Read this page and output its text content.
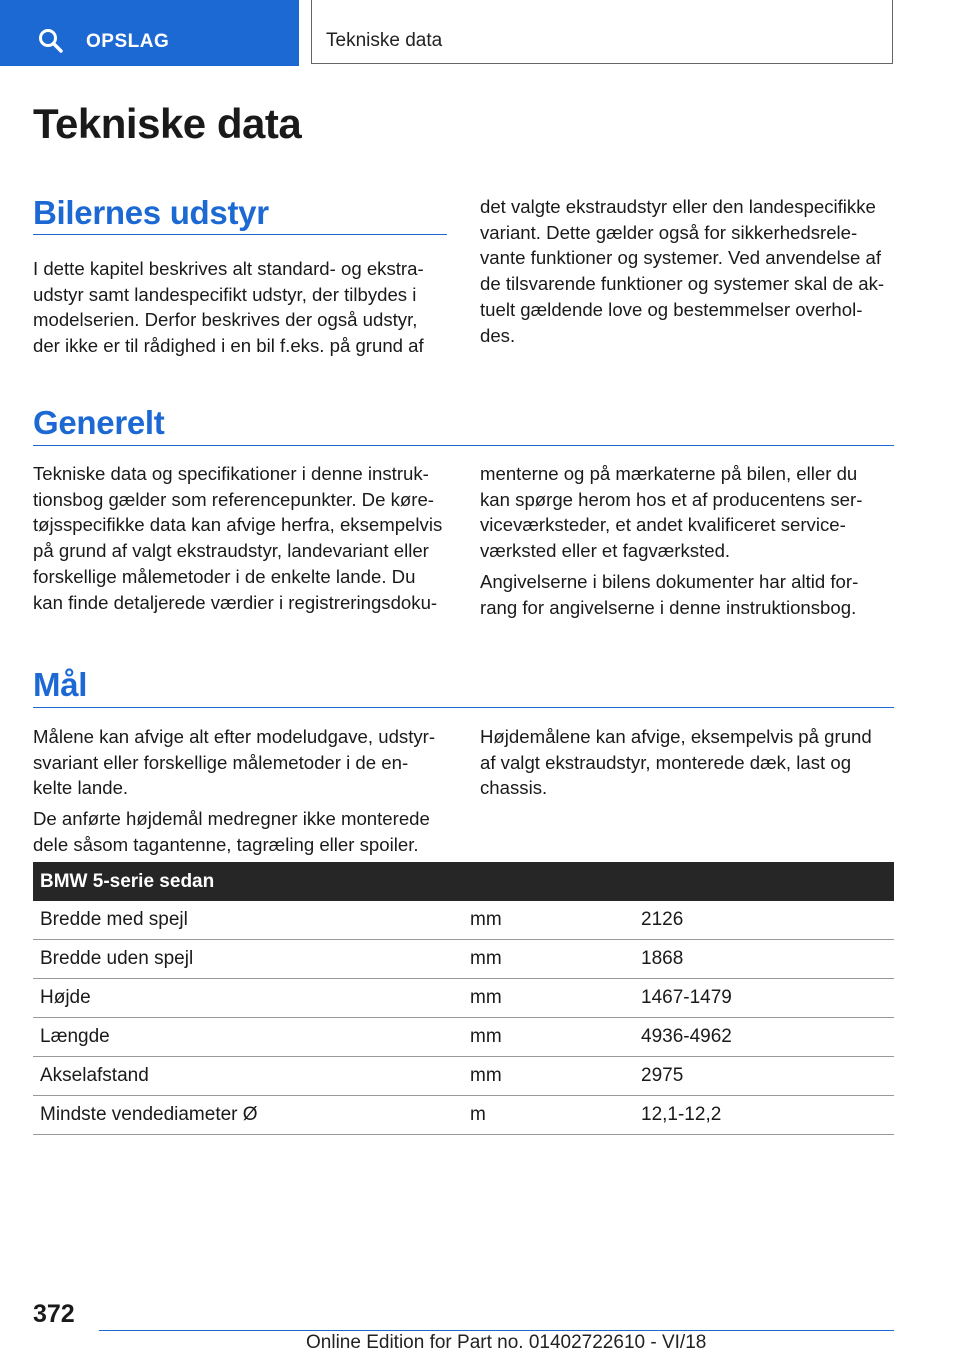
OPSLAG	Tekniske data
Tekniske data
Bilernes udstyr

I dette kapitel beskrives alt standard- og ekstra-
udstyr samt landespecifikt udstyr, der tilbydes i
modelserien. Derfor beskrives der også udstyr,
der ikke er til rådighed i en bil f.eks. på grund af

det valgte ekstraudstyr eller den landespecifikke
variant. Dette gælder også for sikkerhedsrele-
vante funktioner og systemer. Ved anvendelse af
de tilsvarende funktioner og systemer skal de ak-
tuelt gældende love og bestemmelser overhol-
des.

Generelt

Tekniske data og specifikationer i denne instruk-
tionsbog gælder som referencepunkter. De køre-
tøjsspecifikke data kan afvige herfra, eksempelvis
på grund af valgt ekstraudstyr, landevariant eller
forskellige målemetoder i de enkelte lande. Du
kan finde detaljerede værdier i registreringsdoku-

menterne og på mærkaterne på bilen, eller du
kan spørge herom hos et af producentens ser-
viceværksteder, et andet kvalificeret service-
værksted eller et fagværksted.

Angivelserne i bilens dokumenter har altid for-
rang for angivelserne i denne instruktionsbog.

Mål

Målene kan afvige alt efter modeludgave, udstyr-
svariant eller forskellige målemetoder i de en-
kelte lande.

De anførte højdemål medregner ikke monterede
dele såsom tagantenne, tagræling eller spoiler.

Højdemålene kan afvige, eksempelvis på grund
af valgt ekstraudstyr, monterede dæk, last og
chassis.

BMW 5-serie sedan		
Bredde med spejl	mm	2126
Bredde uden spejl	mm	1868
Højde	mm	1467-1479
Længde	mm	4936-4962
Akselafstand	mm	2975
Mindste vendediameter Ø	m	12,1-12,2
372
Online Edition for Part no. 01402722610 - VI/18
